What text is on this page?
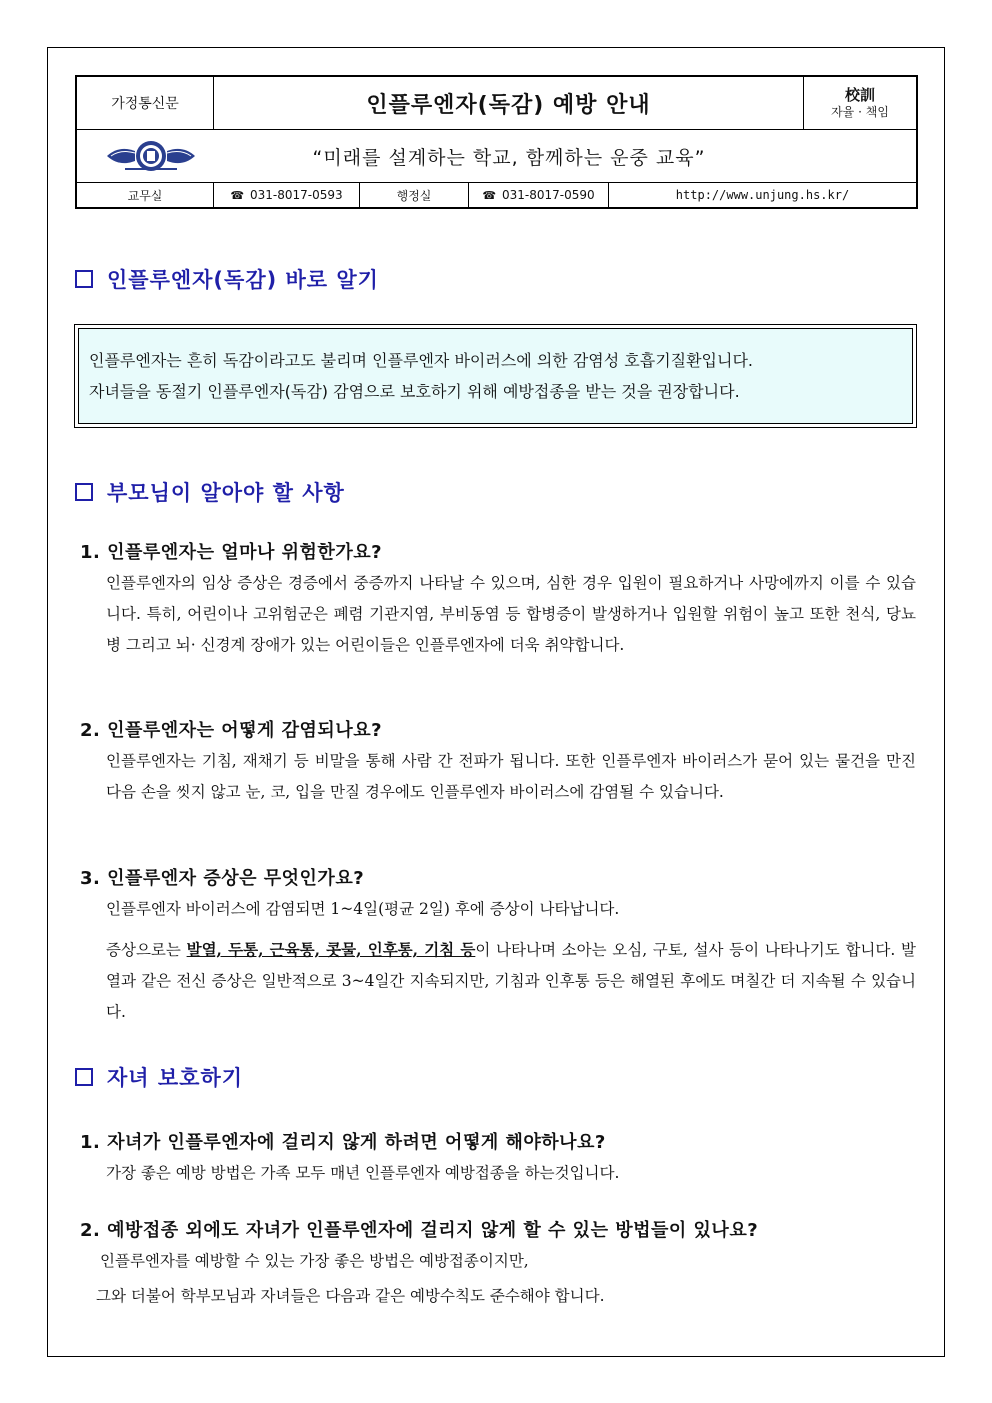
가정통신문	인플루엔자(독감) 예방 안내	校訓
자율 · 책임
“미래를 설계하는 학교, 함께하는 운중 교육”
교무실	☎ 031-8017-0593	행정실	☎ 031-8017-0590	http://www.unjung.hs.kr/
인플루엔자(독감) 바로 알기
인플루엔자는 흔히 독감이라고도 불리며 인플루엔자 바이러스에 의한 감염성 호흡기질환입니다.
자녀들을 동절기 인플루엔자(독감) 감염으로 보호하기 위해 예방접종을 받는 것을 권장합니다.
부모님이 알아야 할 사항
1. 인플루엔자는 얼마나 위험한가요?
인플루엔자의 임상 증상은 경증에서 중증까지 나타날 수 있으며, 심한 경우 입원이 필요하거나 사망에까지 이를 수 있습니다. 특히, 어린이나 고위험군은 폐렴 기관지염, 부비동염 등 합병증이 발생하거나 입원할 위험이 높고 또한 천식, 당뇨병 그리고 뇌· 신경계 장애가 있는 어린이들은 인플루엔자에 더욱 취약합니다.
2. 인플루엔자는 어떻게 감염되나요?
인플루엔자는 기침, 재채기 등 비말을 통해 사람 간 전파가 됩니다. 또한 인플루엔자 바이러스가 묻어 있는 물건을 만진 다음 손을 씻지 않고 눈, 코, 입을 만질 경우에도 인플루엔자 바이러스에 감염될 수 있습니다.
3. 인플루엔자 증상은 무엇인가요?
인플루엔자 바이러스에 감염되면 1~4일(평균 2일) 후에 증상이 나타납니다.
증상으로는 발열, 두통, 근육통, 콧물, 인후통, 기침 등이 나타나며 소아는 오심, 구토, 설사 등이 나타나기도 합니다. 발열과 같은 전신 증상은 일반적으로 3~4일간 지속되지만, 기침과 인후통 등은 해열된 후에도 며칠간 더 지속될 수 있습니다.
자녀 보호하기
1. 자녀가 인플루엔자에 걸리지 않게 하려면 어떻게 해야하나요?
가장 좋은 예방 방법은 가족 모두 매년 인플루엔자 예방접종을 하는것입니다.
2. 예방접종 외에도 자녀가 인플루엔자에 걸리지 않게 할 수 있는 방법들이 있나요?
인플루엔자를 예방할 수 있는 가장 좋은 방법은 예방접종이지만,
그와 더불어 학부모님과 자녀들은 다음과 같은 예방수칙도 준수해야 합니다.
